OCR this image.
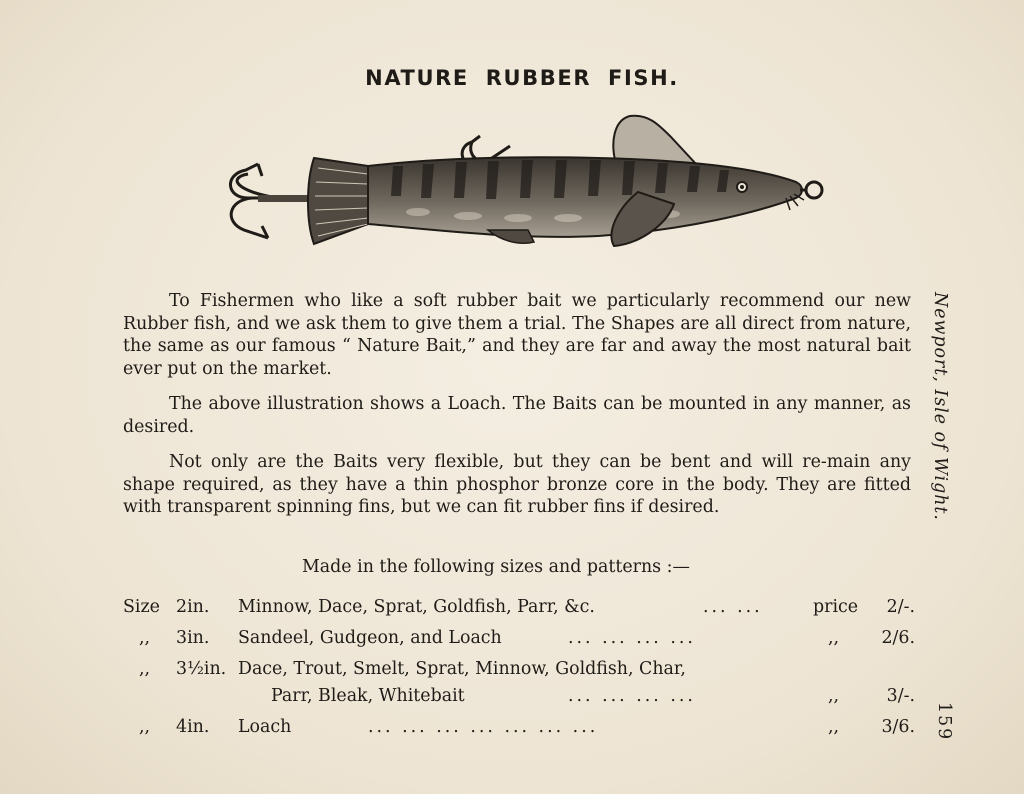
NATURE RUBBER FISH.

To Fishermen who like a soft rubber bait we particularly recommend our new Rubber fish, and we ask them to give them a trial. The Shapes are all direct from nature, the same as our famous “ Nature Bait,” and they are far and away the most natural bait ever put on the market.

The above illustration shows a Loach. The Baits can be mounted in any manner, as desired.

Not only are the Baits very flexible, but they can be bent and will re-main any shape required, as they have a thin phosphor bronze core in the body. They are fitted with transparent spinning fins, but we can fit rubber fins if desired.

Made in the following sizes and patterns :—
Size 2in. Minnow, Dace, Sprat, Goldfish, Parr, &c.	... ...	price 2/-.
,, 3in. Sandeel, Gudgeon, and Loach	... ... ... ...	,, 2/6.
,, 3½in. Dace, Trout, Smelt, Sprat, Minnow, Goldfish, Char,
Parr, Bleak, Whitebait	... ... ... ...	,,	3/-.
,, 4in. Loach	... ... ... ... ... ... ...	,, 3/6.
Newport, Isle of Wight.
159
